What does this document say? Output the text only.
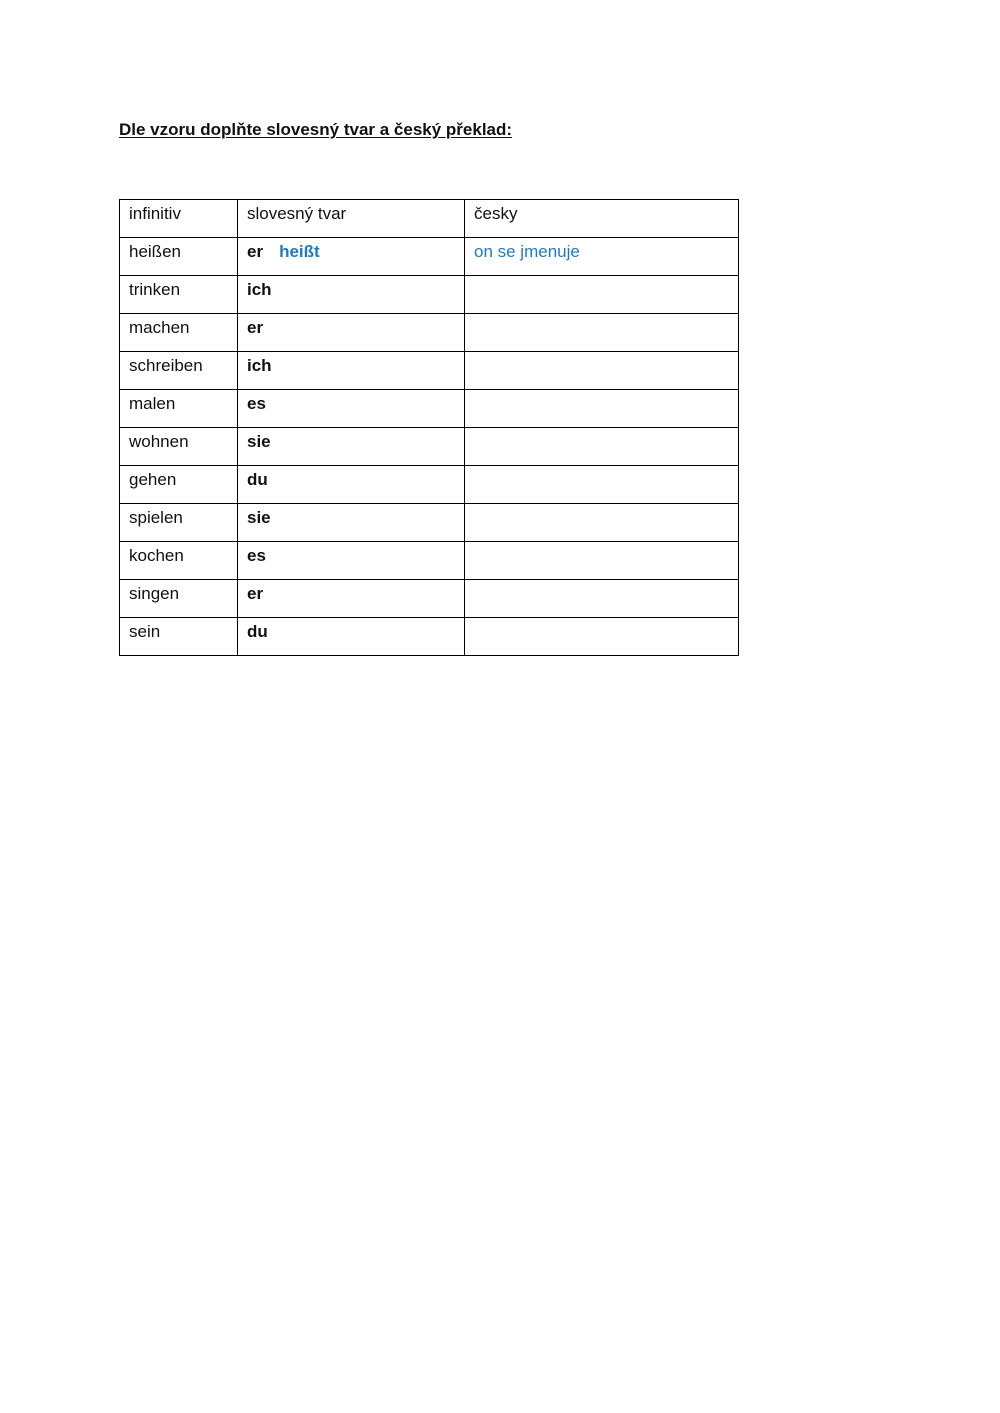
Dle vzoru doplňte slovesný tvar a český překlad:
infinitiv	slovesný tvar	česky
heißen	er heißt	on se jmenuje
trinken	ich	
machen	er	
schreiben	ich	
malen	es	
wohnen	sie	
gehen	du	
spielen	sie	
kochen	es	
singen	er	
sein	du	
